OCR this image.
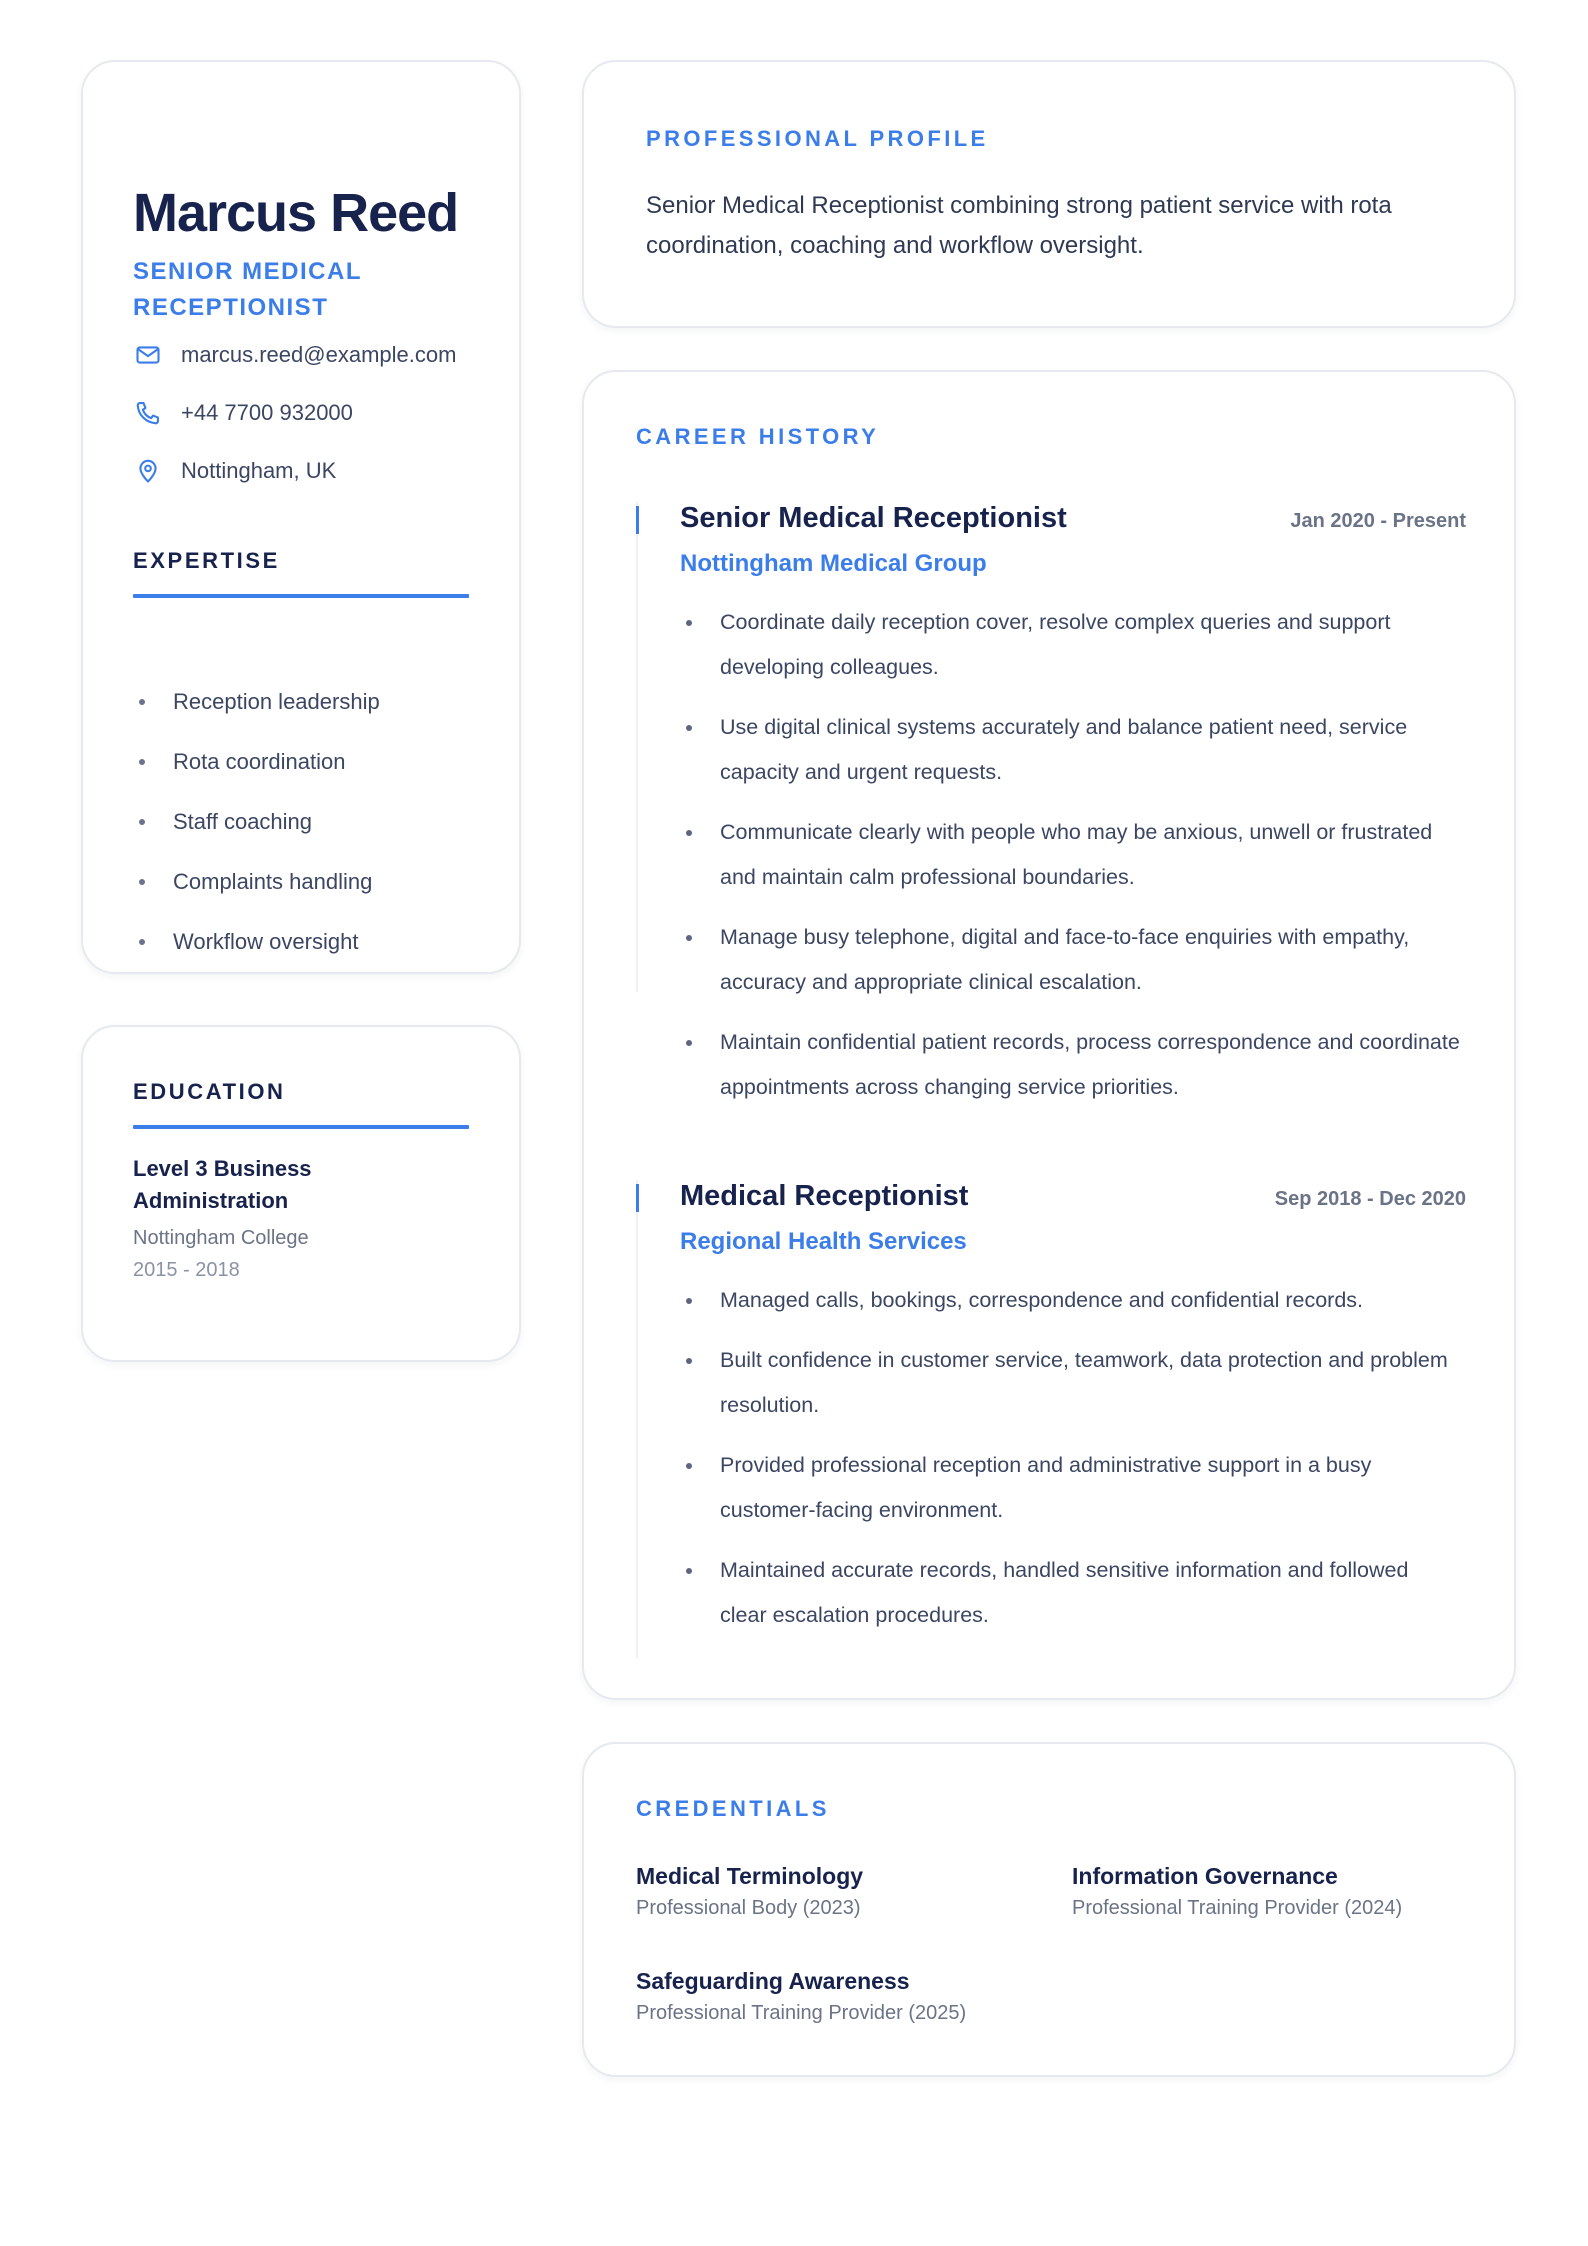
Marcus Reed
SENIOR MEDICAL RECEPTIONIST
marcus.reed@example.com
+44 7700 932000
Nottingham, UK
EXPERTISE
Reception leadership
Rota coordination
Staff coaching
Complaints handling
Workflow oversight
EDUCATION
Level 3 Business Administration
Nottingham College
2015 - 2018
PROFESSIONAL PROFILE
Senior Medical Receptionist combining strong patient service with rota coordination, coaching and workflow oversight.
CAREER HISTORY
Senior Medical Receptionist	Jan 2020 - Present
Nottingham Medical Group
Coordinate daily reception cover, resolve complex queries and support developing colleagues.
Use digital clinical systems accurately and balance patient need, service capacity and urgent requests.
Communicate clearly with people who may be anxious, unwell or frustrated and maintain calm professional boundaries.
Manage busy telephone, digital and face-to-face enquiries with empathy, accuracy and appropriate clinical escalation.
Maintain confidential patient records, process correspondence and coordinate appointments across changing service priorities.
Medical Receptionist	Sep 2018 - Dec 2020
Regional Health Services
Managed calls, bookings, correspondence and confidential records.
Built confidence in customer service, teamwork, data protection and problem resolution.
Provided professional reception and administrative support in a busy customer-facing environment.
Maintained accurate records, handled sensitive information and followed clear escalation procedures.
CREDENTIALS
Medical Terminology
Professional Body (2023)
Information Governance
Professional Training Provider (2024)
Safeguarding Awareness
Professional Training Provider (2025)
